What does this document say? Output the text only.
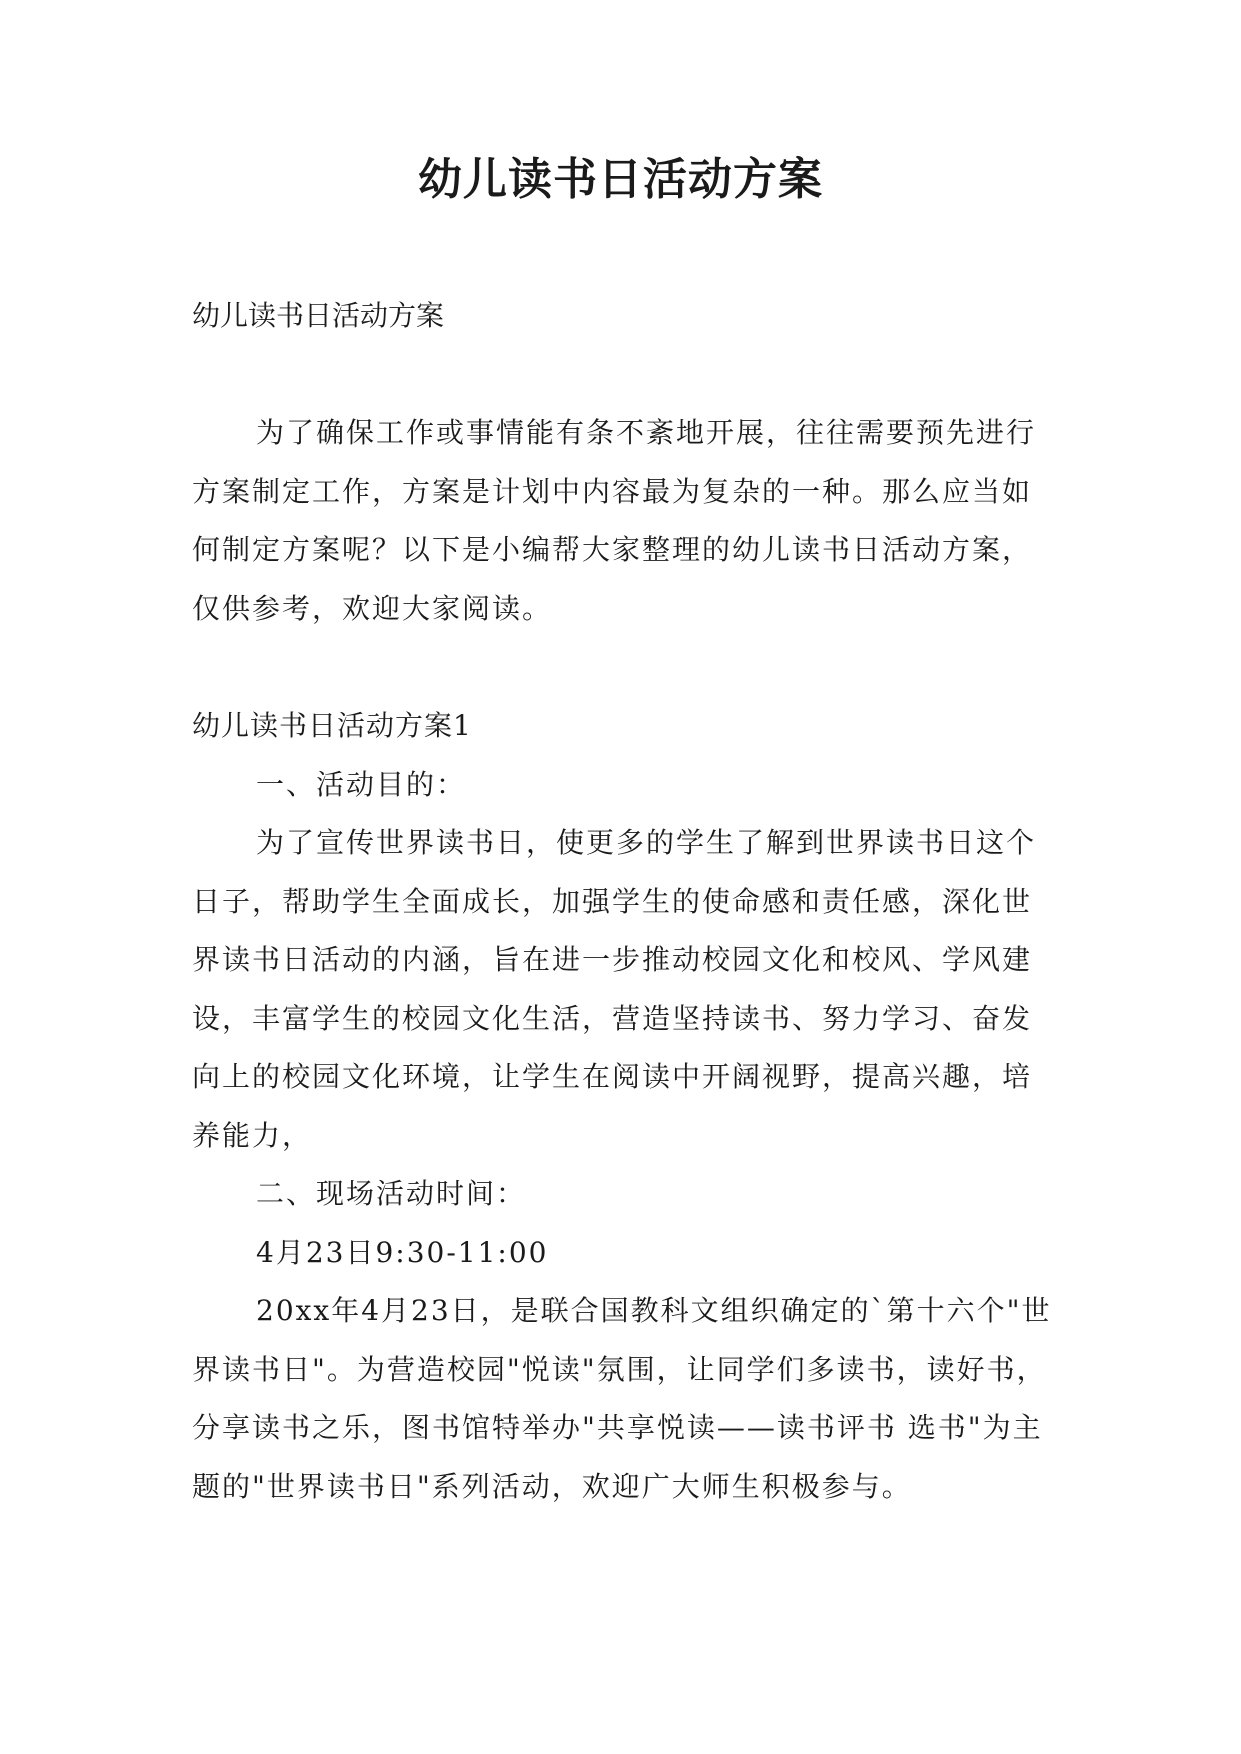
幼儿读书日活动方案

幼儿读书日活动方案

为了确保工作或事情能有条不紊地开展，往往需要预先进行方案制定工作，方案是计划中内容最为复杂的一种。那么应当如何制定方案呢？以下是小编帮大家整理的幼儿读书日活动方案，仅供参考，欢迎大家阅读。

幼儿读书日活动方案1

一、活动目的：

为了宣传世界读书日，使更多的学生了解到世界读书日这个日子，帮助学生全面成长，加强学生的使命感和责任感，深化世界读书日活动的内涵，旨在进一步推动校园文化和校风、学风建设，丰富学生的校园文化生活，营造坚持读书、努力学习、奋发向上的校园文化环境，让学生在阅读中开阔视野，提高兴趣，培养能力，

二、现场活动时间：

4月23日9:30-11:00

20xx年4月23日，是联合国教科文组织确定的`第十六个"世界读书日"。为营造校园"悦读"氛围，让同学们多读书，读好书，分享读书之乐，图书馆特举办"共享悦读——读书评书 选书"为主题的"世界读书日"系列活动，欢迎广大师生积极参与。
